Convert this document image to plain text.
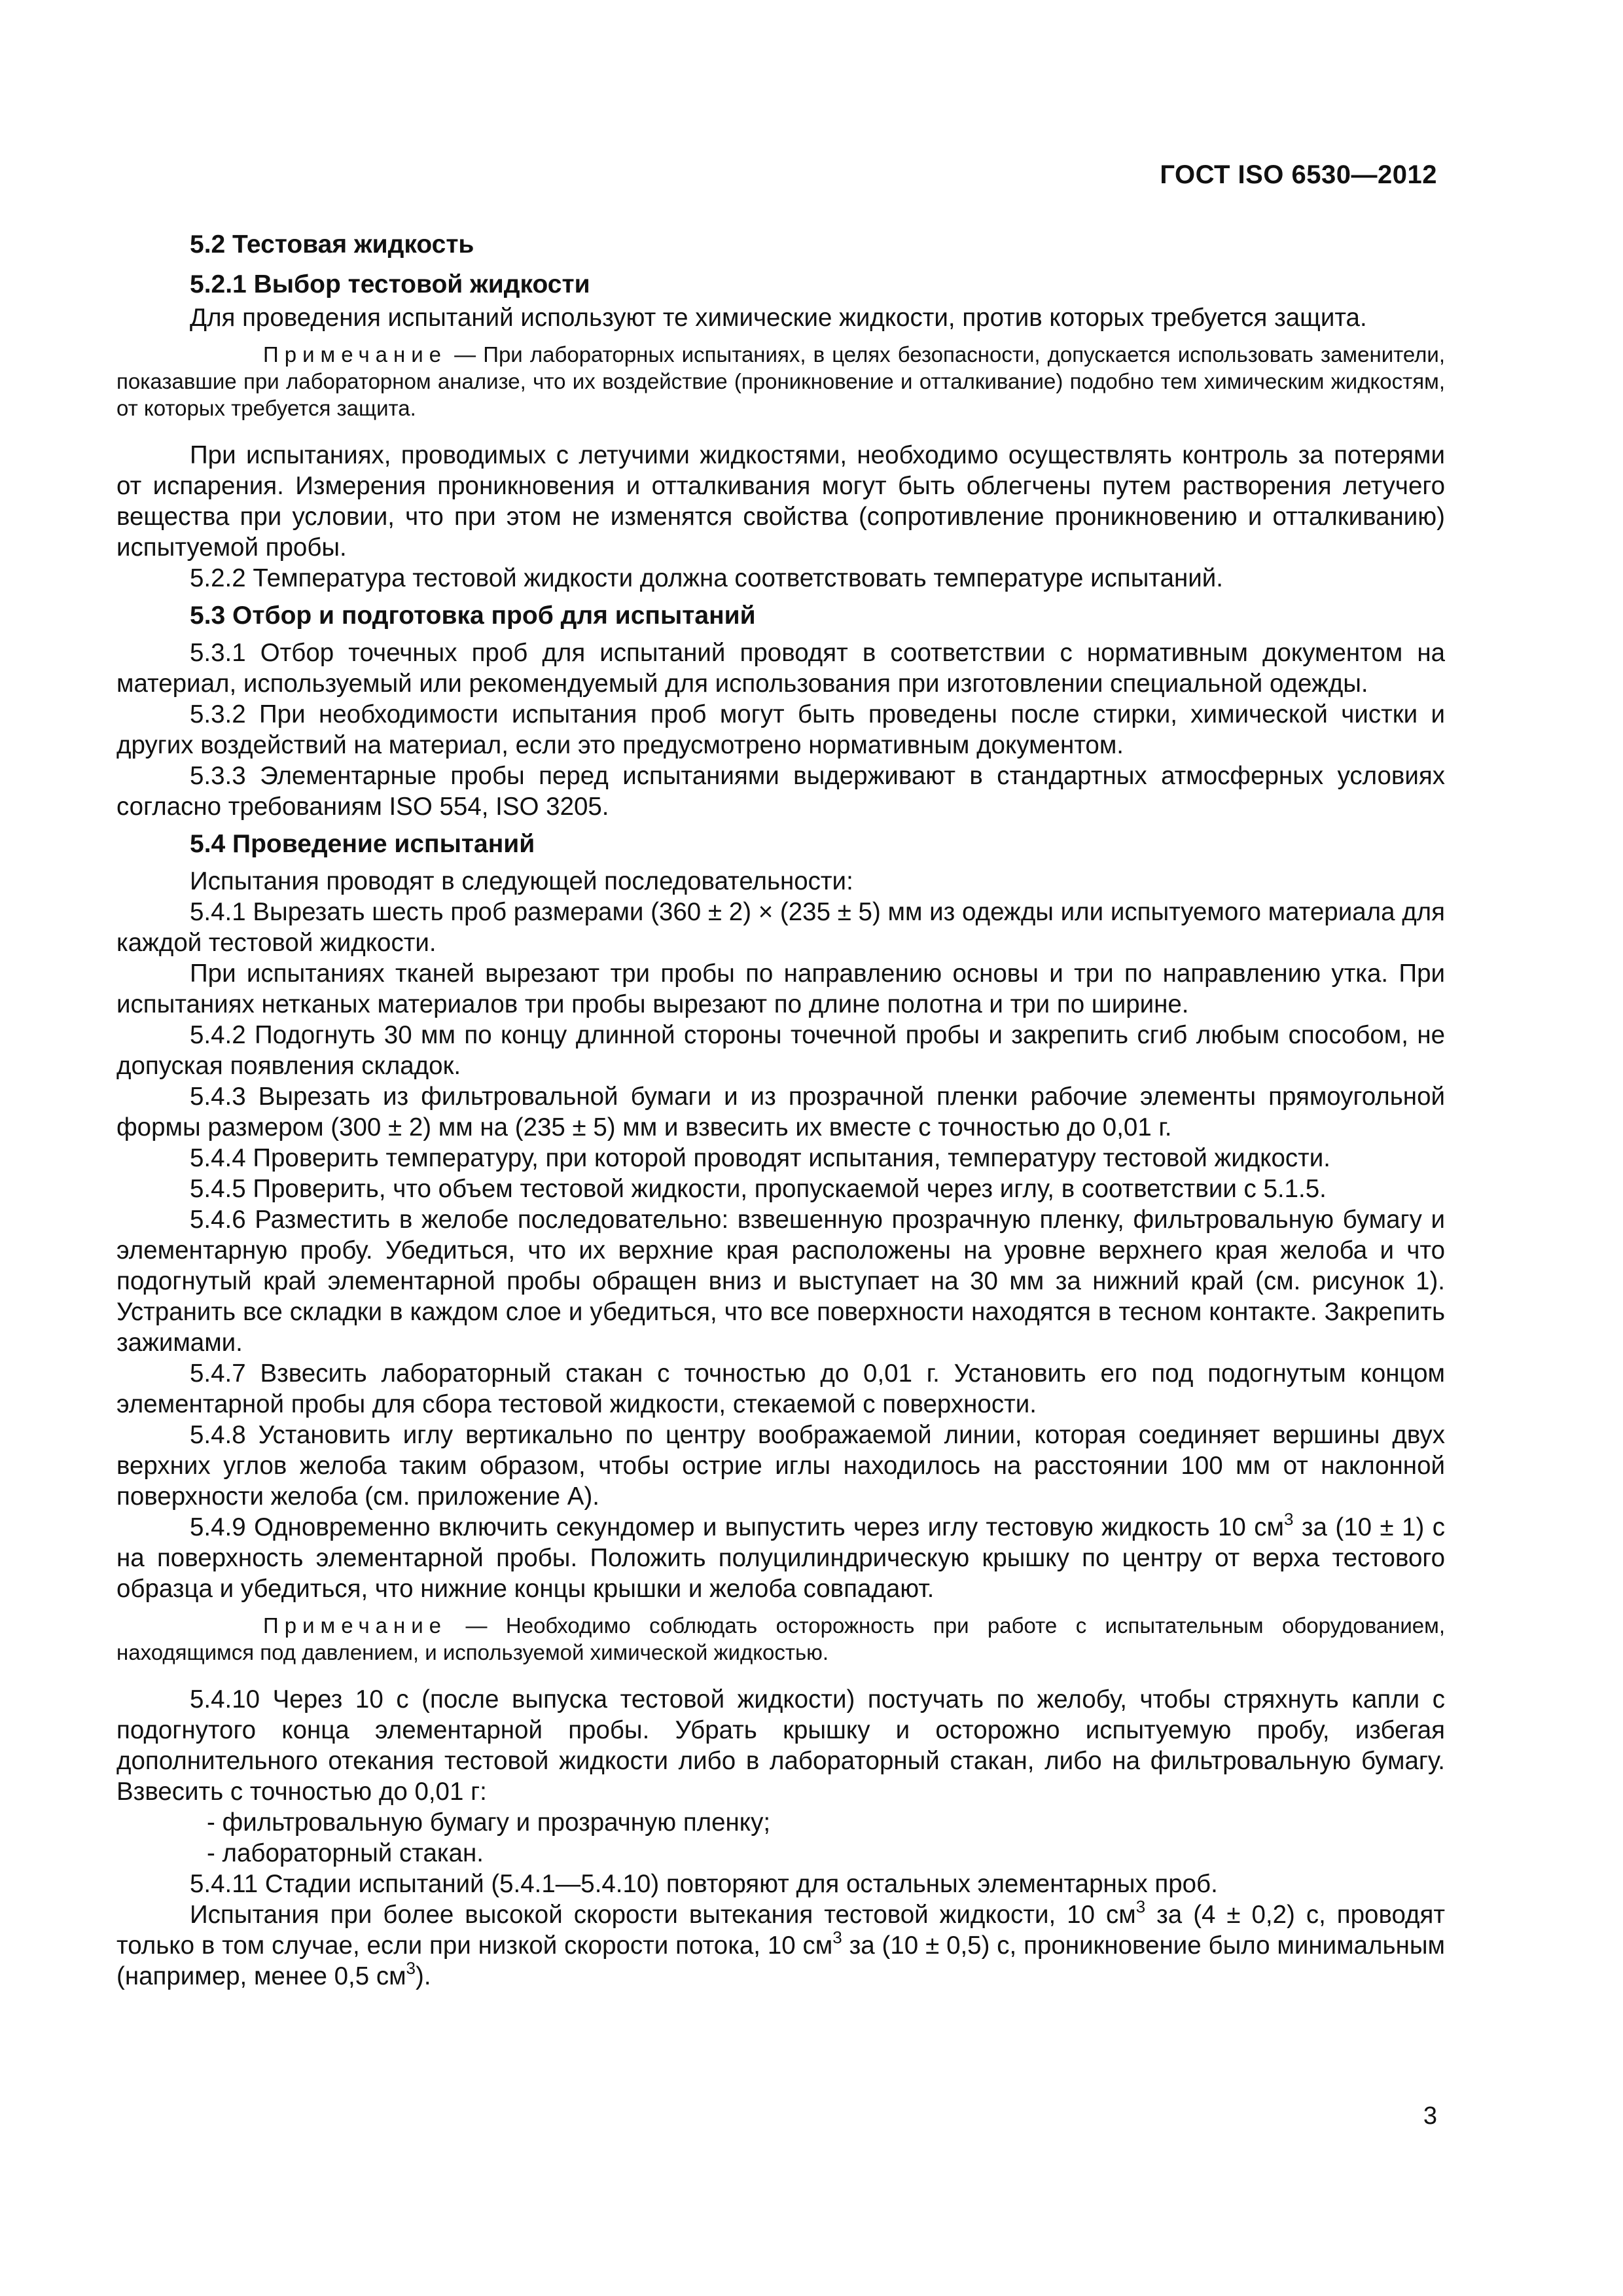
ГОСТ ISO 6530—2012

5.2 Тестовая жидкость

5.2.1 Выбор тестовой жидкости

Для проведения испытаний используют те химические жидкости, против которых требуется защита.

Примечание — При лабораторных испытаниях, в целях безопасности, допускается использовать заменители, показавшие при лабораторном анализе, что их воздействие (проникновение и отталкивание) подобно тем химическим жидкостям, от которых требуется защита.

При испытаниях, проводимых с летучими жидкостями, необходимо осуществлять контроль за потерями от испарения. Измерения проникновения и отталкивания могут быть облегчены путем растворения летучего вещества при условии, что при этом не изменятся свойства (сопротивление проникновению и отталкиванию) испытуемой пробы.

5.2.2 Температура тестовой жидкости должна соответствовать температуре испытаний.

5.3 Отбор и подготовка проб для испытаний

5.3.1 Отбор точечных проб для испытаний проводят в соответствии с нормативным документом на материал, используемый или рекомендуемый для использования при изготовлении специальной одежды.

5.3.2 При необходимости испытания проб могут быть проведены после стирки, химической чистки и других воздействий на материал, если это предусмотрено нормативным документом.

5.3.3 Элементарные пробы перед испытаниями выдерживают в стандартных атмосферных условиях согласно требованиям ISO 554, ISO 3205.

5.4 Проведение испытаний

Испытания проводят в следующей последовательности:

5.4.1 Вырезать шесть проб размерами (360 ± 2) × (235 ± 5) мм из одежды или испытуемого материала для каждой тестовой жидкости.

При испытаниях тканей вырезают три пробы по направлению основы и три по направлению утка. При испытаниях нетканых материалов три пробы вырезают по длине полотна и три по ширине.

5.4.2 Подогнуть 30 мм по концу длинной стороны точечной пробы и закрепить сгиб любым способом, не допуская появления складок.

5.4.3 Вырезать из фильтровальной бумаги и из прозрачной пленки рабочие элементы прямоугольной формы размером (300 ± 2) мм на (235 ± 5) мм и взвесить их вместе с точностью до 0,01 г.

5.4.4 Проверить температуру, при которой проводят испытания, температуру тестовой жидкости.

5.4.5 Проверить, что объем тестовой жидкости, пропускаемой через иглу, в соответствии с 5.1.5.

5.4.6 Разместить в желобе последовательно: взвешенную прозрачную пленку, фильтровальную бумагу и элементарную пробу. Убедиться, что их верхние края расположены на уровне верхнего края желоба и что подогнутый край элементарной пробы обращен вниз и выступает на 30 мм за нижний край (см. рисунок 1). Устранить все складки в каждом слое и убедиться, что все поверхности находятся в тесном контакте. Закрепить зажимами.

5.4.7 Взвесить лабораторный стакан с точностью до 0,01 г. Установить его под подогнутым концом элементарной пробы для сбора тестовой жидкости, стекаемой с поверхности.

5.4.8 Установить иглу вертикально по центру воображаемой линии, которая соединяет вершины двух верхних углов желоба таким образом, чтобы острие иглы находилось на расстоянии 100 мм от наклонной поверхности желоба (см. приложение А).

5.4.9 Одновременно включить секундомер и выпустить через иглу тестовую жидкость 10 $см^3$ за (10 ± 1) с на поверхность элементарной пробы. Положить полуцилиндрическую крышку по центру от верха тестового образца и убедиться, что нижние концы крышки и желоба совпадают.

Примечание — Необходимо соблюдать осторожность при работе с испытательным оборудованием, находящимся под давлением, и используемой химической жидкостью.

5.4.10 Через 10 с (после выпуска тестовой жидкости) постучать по желобу, чтобы стряхнуть капли с подогнутого конца элементарной пробы. Убрать крышку и осторожно испытуемую пробу, избегая дополнительного отекания тестовой жидкости либо в лабораторный стакан, либо на фильтровальную бумагу. Взвесить с точностью до 0,01 г:

- фильтровальную бумагу и прозрачную пленку;

- лабораторный стакан.

5.4.11 Стадии испытаний (5.4.1—5.4.10) повторяют для остальных элементарных проб.

Испытания при более высокой скорости вытекания тестовой жидкости, 10 $см^3$ за (4 ± 0,2) с, проводят только в том случае, если при низкой скорости потока, 10 $см^3$ за (10 ± 0,5) с, проникновение было минимальным (например, менее 0,5 $см^3$).

3
